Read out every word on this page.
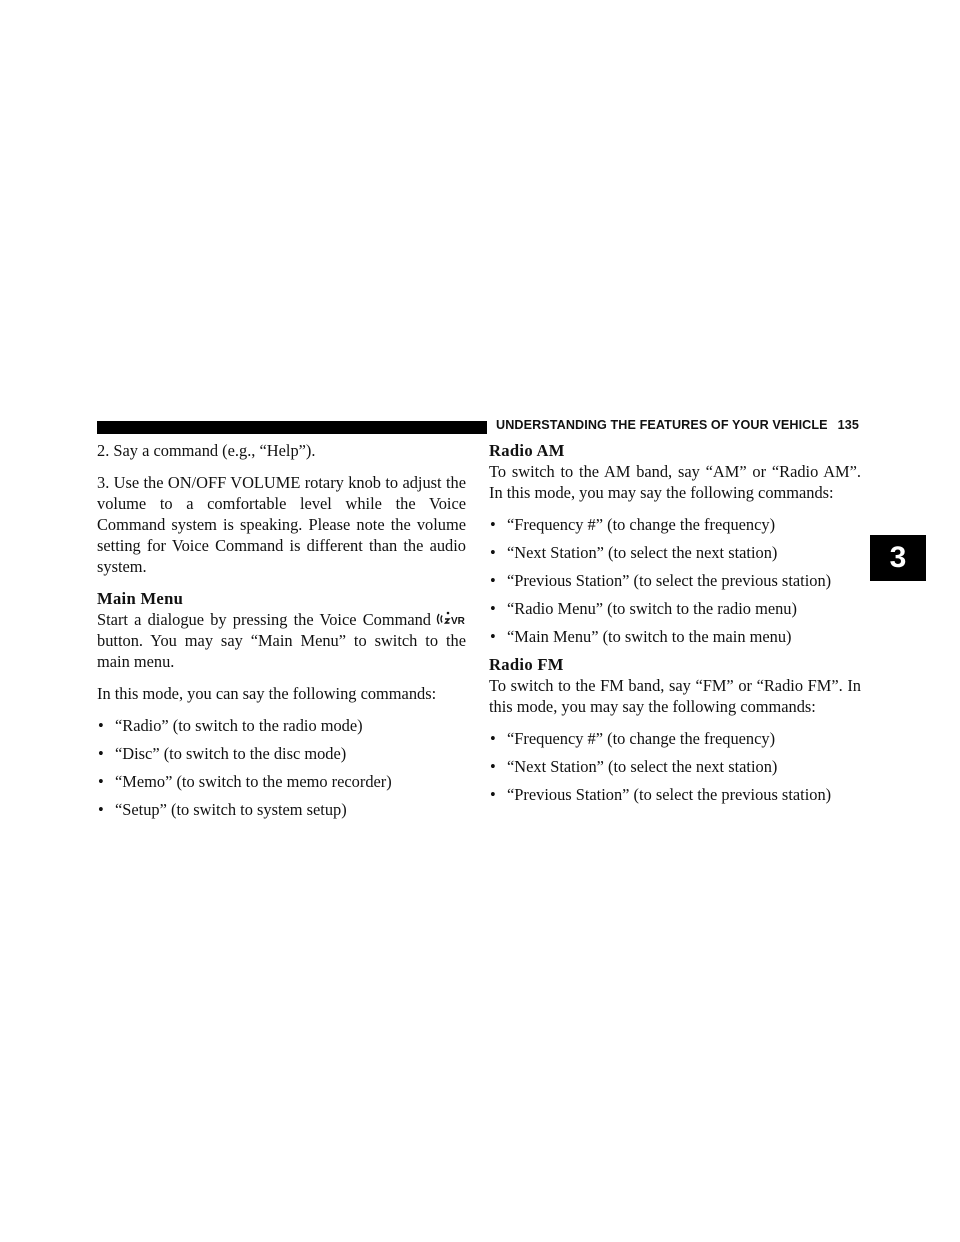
UNDERSTANDING THE FEATURES OF YOUR VEHICLE 135
3

2. Say a command (e.g., “Help”).

3. Use the ON/OFF VOLUME rotary knob to adjust the volume to a comfortable level while the Voice Command system is speaking. Please note the volume setting for Voice Command is different than the audio system.

Main Menu

Start a dialogue by pressing the Voice Command VR
button. You may say “Main Menu” to switch to the main menu.

In this mode, you can say the following commands:

• “Radio” (to switch to the radio mode)
• “Disc” (to switch to the disc mode)
• “Memo” (to switch to the memo recorder)
• “Setup” (to switch to system setup)
Radio AM

To switch to the AM band, say “AM” or “Radio AM”. In this mode, you may say the following commands:

• “Frequency #” (to change the frequency)
• “Next Station” (to select the next station)
• “Previous Station” (to select the previous station)
• “Radio Menu” (to switch to the radio menu)
• “Main Menu” (to switch to the main menu)
Radio FM

To switch to the FM band, say “FM” or “Radio FM”. In this mode, you may say the following commands:

• “Frequency #” (to change the frequency)
• “Next Station” (to select the next station)
• “Previous Station” (to select the previous station)
